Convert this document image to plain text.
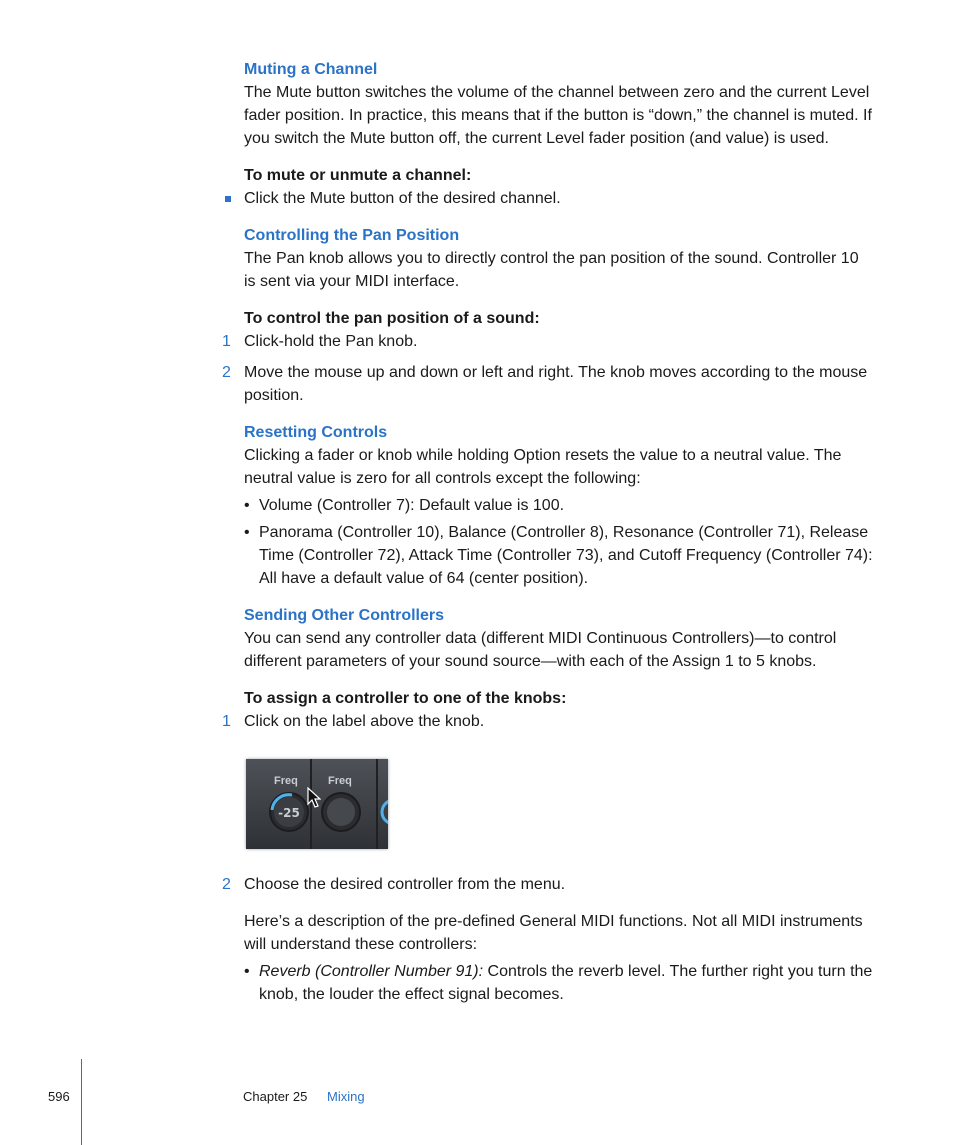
Muting a Channel

The Mute button switches the volume of the channel between zero and the current Level fader position. In practice, this means that if the button is “down,” the channel is muted. If you switch the Mute button off, the current Level fader position (and value) is used.

To mute or unmute a channel:

Click the Mute button of the desired channel.

Controlling the Pan Position

The Pan knob allows you to directly control the pan position of the sound. Controller 10 is sent via your MIDI interface.

To control the pan position of a sound:

1 Click-hold the Pan knob.
2 Move the mouse up and down or left and right. The knob moves according to the mouse position.

Resetting Controls

Clicking a fader or knob while holding Option resets the value to a neutral value. The neutral value is zero for all controls except the following:

• Volume (Controller 7): Default value is 100.
• Panorama (Controller 10), Balance (Controller 8), Resonance (Controller 71), Release Time (Controller 72), Attack Time (Controller 73), and Cutoff Frequency (Controller 74): All have a default value of 64 (center position).

Sending Other Controllers

You can send any controller data (different MIDI Continuous Controllers)—to control different parameters of your sound source—with each of the Assign 1 to 5 knobs.

To assign a controller to one of the knobs:

1 Click on the label above the knob.
Freq
-25
Freq
2 Choose the desired controller from the menu.

Here’s a description of the pre-defined General MIDI functions. Not all MIDI instruments will understand these controllers:

• Reverb (Controller Number 91): Controls the reverb level. The further right you turn the knob, the louder the effect signal becomes.
596	Chapter 25 Mixing
